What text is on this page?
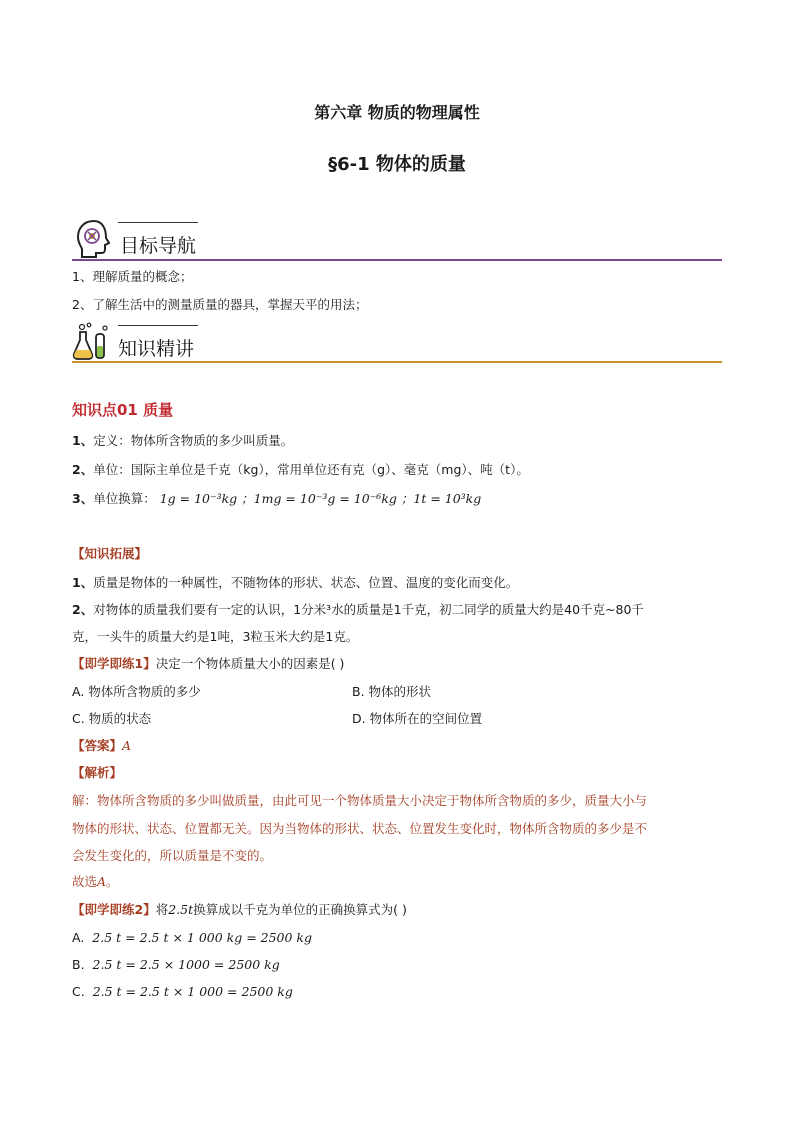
第六章 物质的物理属性
§6-1 物体的质量
目标导航
1、理解质量的概念；
2、了解生活中的测量质量的器具，掌握天平的用法；
知识精讲
知识点01 质量
1、定义：物体所含物质的多少叫质量。
2、单位：国际主单位是千克（kg），常用单位还有克（g）、毫克（mg）、吨（t）。
3、单位换算： 1g = 10⁻³kg ；1mg = 10⁻³g = 10⁻⁶kg ；1t = 10³kg
【知识拓展】
1、质量是物体的一种属性，不随物体的形状、状态、位置、温度的变化而变化。
2、对物体的质量我们要有一定的认识，1分米³水的质量是1千克，初二同学的质量大约是40千克~80千
克，一头牛的质量大约是1吨，3粒玉米大约是1克。
【即学即练1】决定一个物体质量大小的因素是( )
A. 物体所含物质的多少	B. 物体的形状
C. 物质的状态	D. 物体所在的空间位置
【答案】A
【解析】
解：物体所含物质的多少叫做质量，由此可见一个物体质量大小决定于物体所含物质的多少，质量大小与
物体的形状、状态、位置都无关。因为当物体的形状、状态、位置发生变化时，物体所含物质的多少是不
会发生变化的，所以质量是不变的。
故选A。
【即学即练2】将2.5t换算成以千克为单位的正确换算式为( )
A. 2.5 t = 2.5 t × 1 000 kg = 2500 kg
B. 2.5 t = 2.5 × 1000 = 2500 kg
C. 2.5 t = 2.5 t × 1 000 = 2500 kg
